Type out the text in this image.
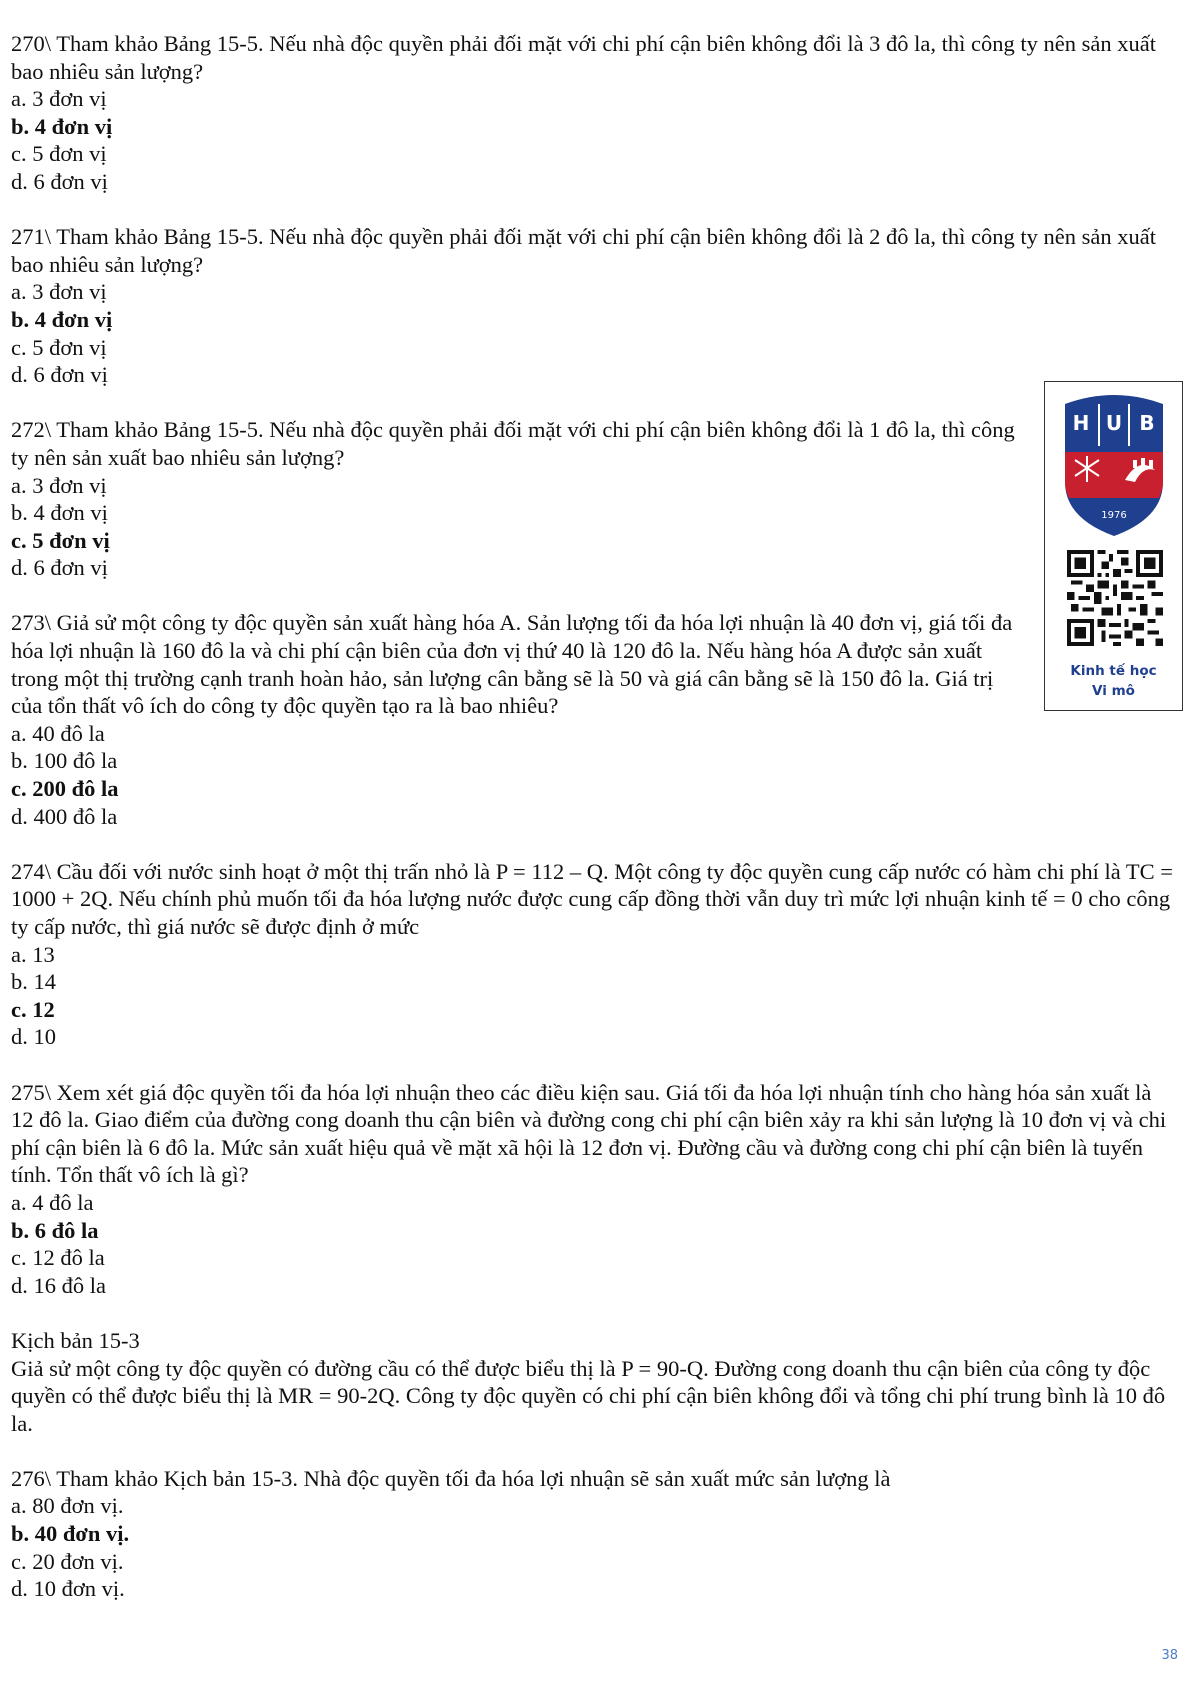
270\ Tham khảo Bảng 15-5. Nếu nhà độc quyền phải đối mặt với chi phí cận biên không đổi là 3 đô la, thì công ty nên sản xuất bao nhiêu sản lượng?

a. 3 đơn vị

b. 4 đơn vị

c. 5 đơn vị

d. 6 đơn vị

271\ Tham khảo Bảng 15-5. Nếu nhà độc quyền phải đối mặt với chi phí cận biên không đổi là 2 đô la, thì công ty nên sản xuất bao nhiêu sản lượng?

a. 3 đơn vị

b. 4 đơn vị

c. 5 đơn vị

d. 6 đơn vị

272\ Tham khảo Bảng 15-5. Nếu nhà độc quyền phải đối mặt với chi phí cận biên không đổi là 1 đô la, thì công ty nên sản xuất bao nhiêu sản lượng?

a. 3 đơn vị

b. 4 đơn vị

c. 5 đơn vị

d. 6 đơn vị

273\ Giả sử một công ty độc quyền sản xuất hàng hóa A. Sản lượng tối đa hóa lợi nhuận là 40 đơn vị, giá tối đa hóa lợi nhuận là 160 đô la và chi phí cận biên của đơn vị thứ 40 là 120 đô la. Nếu hàng hóa A được sản xuất trong một thị trường cạnh tranh hoàn hảo, sản lượng cân bằng sẽ là 50 và giá cân bằng sẽ là 150 đô la. Giá trị của tổn thất vô ích do công ty độc quyền tạo ra là bao nhiêu?

a. 40 đô la

b. 100 đô la

c. 200 đô la

d. 400 đô la

274\ Cầu đối với nước sinh hoạt ở một thị trấn nhỏ là P = 112 – Q. Một công ty độc quyền cung cấp nước có hàm chi phí là TC = 1000 + 2Q. Nếu chính phủ muốn tối đa hóa lượng nước được cung cấp đồng thời vẫn duy trì mức lợi nhuận kinh tế = 0 cho công ty cấp nước, thì giá nước sẽ được định ở mức

a. 13

b. 14

c. 12

d. 10

275\ Xem xét giá độc quyền tối đa hóa lợi nhuận theo các điều kiện sau. Giá tối đa hóa lợi nhuận tính cho hàng hóa sản xuất là 12 đô la. Giao điểm của đường cong doanh thu cận biên và đường cong chi phí cận biên xảy ra khi sản lượng là 10 đơn vị và chi phí cận biên là 6 đô la. Mức sản xuất hiệu quả về mặt xã hội là 12 đơn vị. Đường cầu và đường cong chi phí cận biên là tuyến tính. Tổn thất vô ích là gì?

a. 4 đô la

b. 6 đô la

c. 12 đô la

d. 16 đô la

Kịch bản 15-3

Giả sử một công ty độc quyền có đường cầu có thể được biểu thị là P = 90-Q. Đường cong doanh thu cận biên của công ty độc quyền có thể được biểu thị là MR = 90-2Q. Công ty độc quyền có chi phí cận biên không đổi và tổng chi phí trung bình là 10 đô la.

276\ Tham khảo Kịch bản 15-3. Nhà độc quyền tối đa hóa lợi nhuận sẽ sản xuất mức sản lượng là

a. 80 đơn vị.

b. 40 đơn vị.

c. 20 đơn vị.

d. 10 đơn vị.

H U B
1976
Kinh tế học
Vi mô
38
